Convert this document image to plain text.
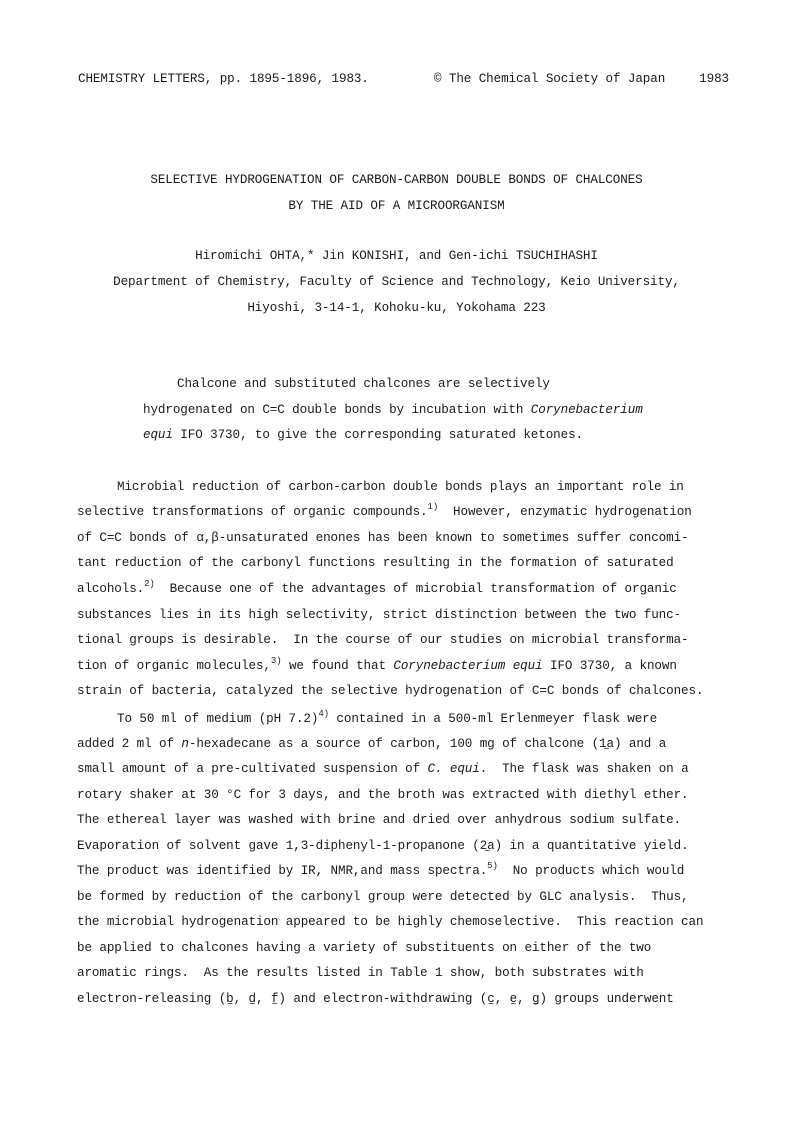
CHEMISTRY LETTERS, pp. 1895-1896, 1983.	© The Chemical Society of Japan	1983
SELECTIVE HYDROGENATION OF CARBON-CARBON DOUBLE BONDS OF CHALCONES
BY THE AID OF A MICROORGANISM
Hiromichi OHTA,* Jin KONISHI, and Gen-ichi TSUCHIHASHI
Department of Chemistry, Faculty of Science and Technology, Keio University,
Hiyoshi, 3-14-1, Kohoku-ku, Yokohama 223
Chalcone and substituted chalcones are selectively
hydrogenated on C=C double bonds by incubation with Corynebacterium
equi IFO 3730, to give the corresponding saturated ketones.
Microbial reduction of carbon-carbon double bonds plays an important role in
selective transformations of organic compounds.$^{1)}$  However, enzymatic hydrogenation
of C=C bonds of α,β-unsaturated enones has been known to sometimes suffer concomi-
tant reduction of the carbonyl functions resulting in the formation of saturated
alcohols.$^{2)}$  Because one of the advantages of microbial transformation of organic
substances lies in its high selectivity, strict distinction between the two func-
tional groups is desirable.  In the course of our studies on microbial transforma-
tion of organic molecules,$^{3)}$ we found that Corynebacterium equi IFO 3730, a known
strain of bacteria, catalyzed the selective hydrogenation of C=C bonds of chalcones.
To 50 ml of medium (pH 7.2)$^{4)}$ contained in a 500-ml Erlenmeyer flask were
added 2 ml of n-hexadecane as a source of carbon, 100 mg of chalcone (1a ~) and a
small amount of a pre-cultivated suspension of C. equi.  The flask was shaken on a
rotary shaker at 30 °C for 3 days, and the broth was extracted with diethyl ether.
The ethereal layer was washed with brine and dried over anhydrous sodium sulfate.
Evaporation of solvent gave 1,3-diphenyl-1-propanone (2a ~) in a quantitative yield.
The product was identified by IR, NMR,and mass spectra.$^{5)}$  No products which would
be formed by reduction of the carbonyl group were detected by GLC analysis.  Thus,
the microbial hydrogenation appeared to be highly chemoselective.  This reaction can
be applied to chalcones having a variety of substituents on either of the two
aromatic rings.  As the results listed in Table 1 show, both substrates with
electron-releasing (b ~, d ~, f ~) and electron-withdrawing (c ~, e ~, g ~) groups underwent
